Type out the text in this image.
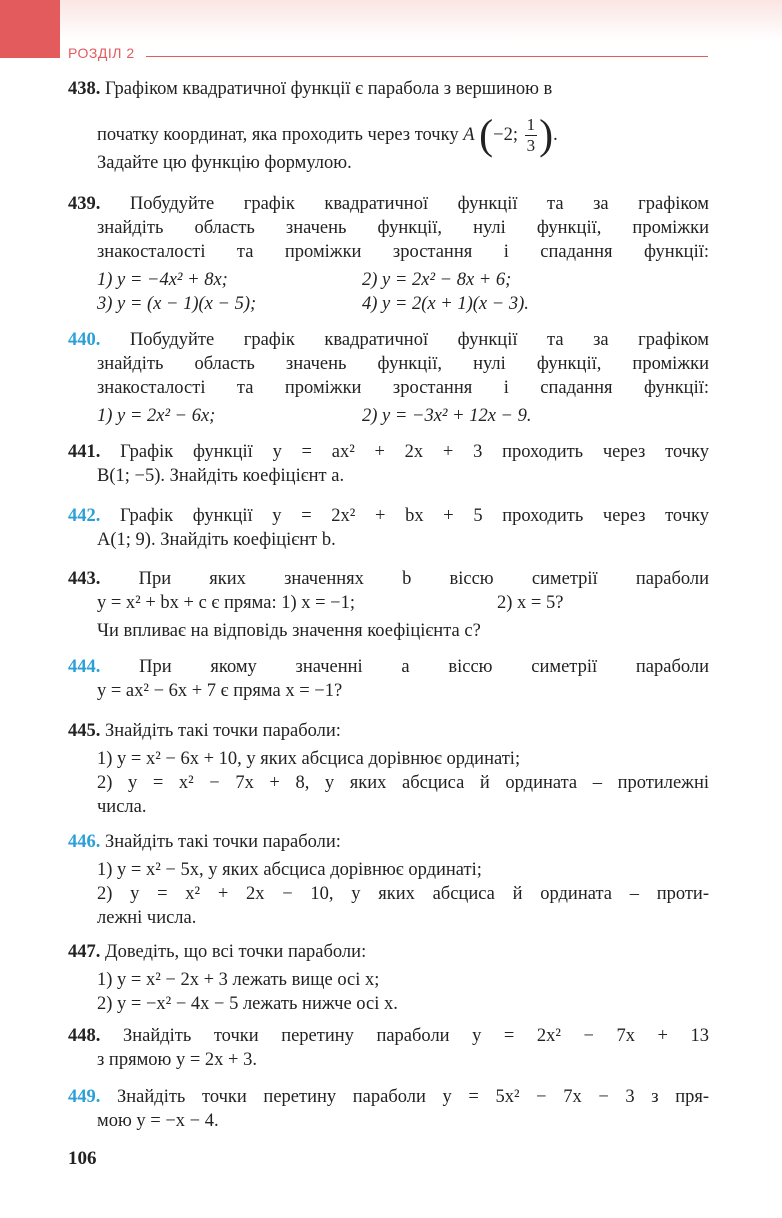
РОЗДІЛ 2
438. Графіком квадратичної функції є парабола з вершиною в
початку координат, яка проходить через точку A (−2; $\frac{1}{3}$ ).
Задайте цю функцію формулою.
439. Побудуйте графік квадратичної функції та за графіком
знайдіть область значень функції, нулі функції, проміжки
знакосталості та проміжки зростання і спадання функції:
1) y = −4x² + 8x;	2) y = 2x² − 8x + 6;
3) y = (x − 1)(x − 5);	4) y = 2(x + 1)(x − 3).
440. Побудуйте графік квадратичної функції та за графіком
знайдіть область значень функції, нулі функції, проміжки
знакосталості та проміжки зростання і спадання функції:
1) y = 2x² − 6x;	2) y = −3x² + 12x − 9.
441. Графік функції y = ax² + 2x + 3 проходить через точку
B(1; −5). Знайдіть коефіцієнт a.
442. Графік функції y = 2x² + bx + 5 проходить через точку
A(1; 9). Знайдіть коефіцієнт b.
443. При яких значеннях b віссю симетрії параболи
y = x² + bx + c є пряма: 1) x = −1;	2) x = 5?
Чи впливає на відповідь значення коефіцієнта c?
444. При якому значенні a віссю симетрії параболи
y = ax² − 6x + 7 є пряма x = −1?
445. Знайдіть такі точки параболи:
1) y = x² − 6x + 10, у яких абсциса дорівнює ординаті;
2) y = x² − 7x + 8, у яких абсциса й ордината – протилежні
числа.
446. Знайдіть такі точки параболи:
1) y = x² − 5x, у яких абсциса дорівнює ординаті;
2) y = x² + 2x − 10, у яких абсциса й ордината – проти-
лежні числа.
447. Доведіть, що всі точки параболи:
1) y = x² − 2x + 3 лежать вище осі x;
2) y = −x² − 4x − 5 лежать нижче осі x.
448. Знайдіть точки перетину параболи y = 2x² − 7x + 13
з прямою y = 2x + 3.
449. Знайдіть точки перетину параболи y = 5x² − 7x − 3 з пря-
мою y = −x − 4.
106
